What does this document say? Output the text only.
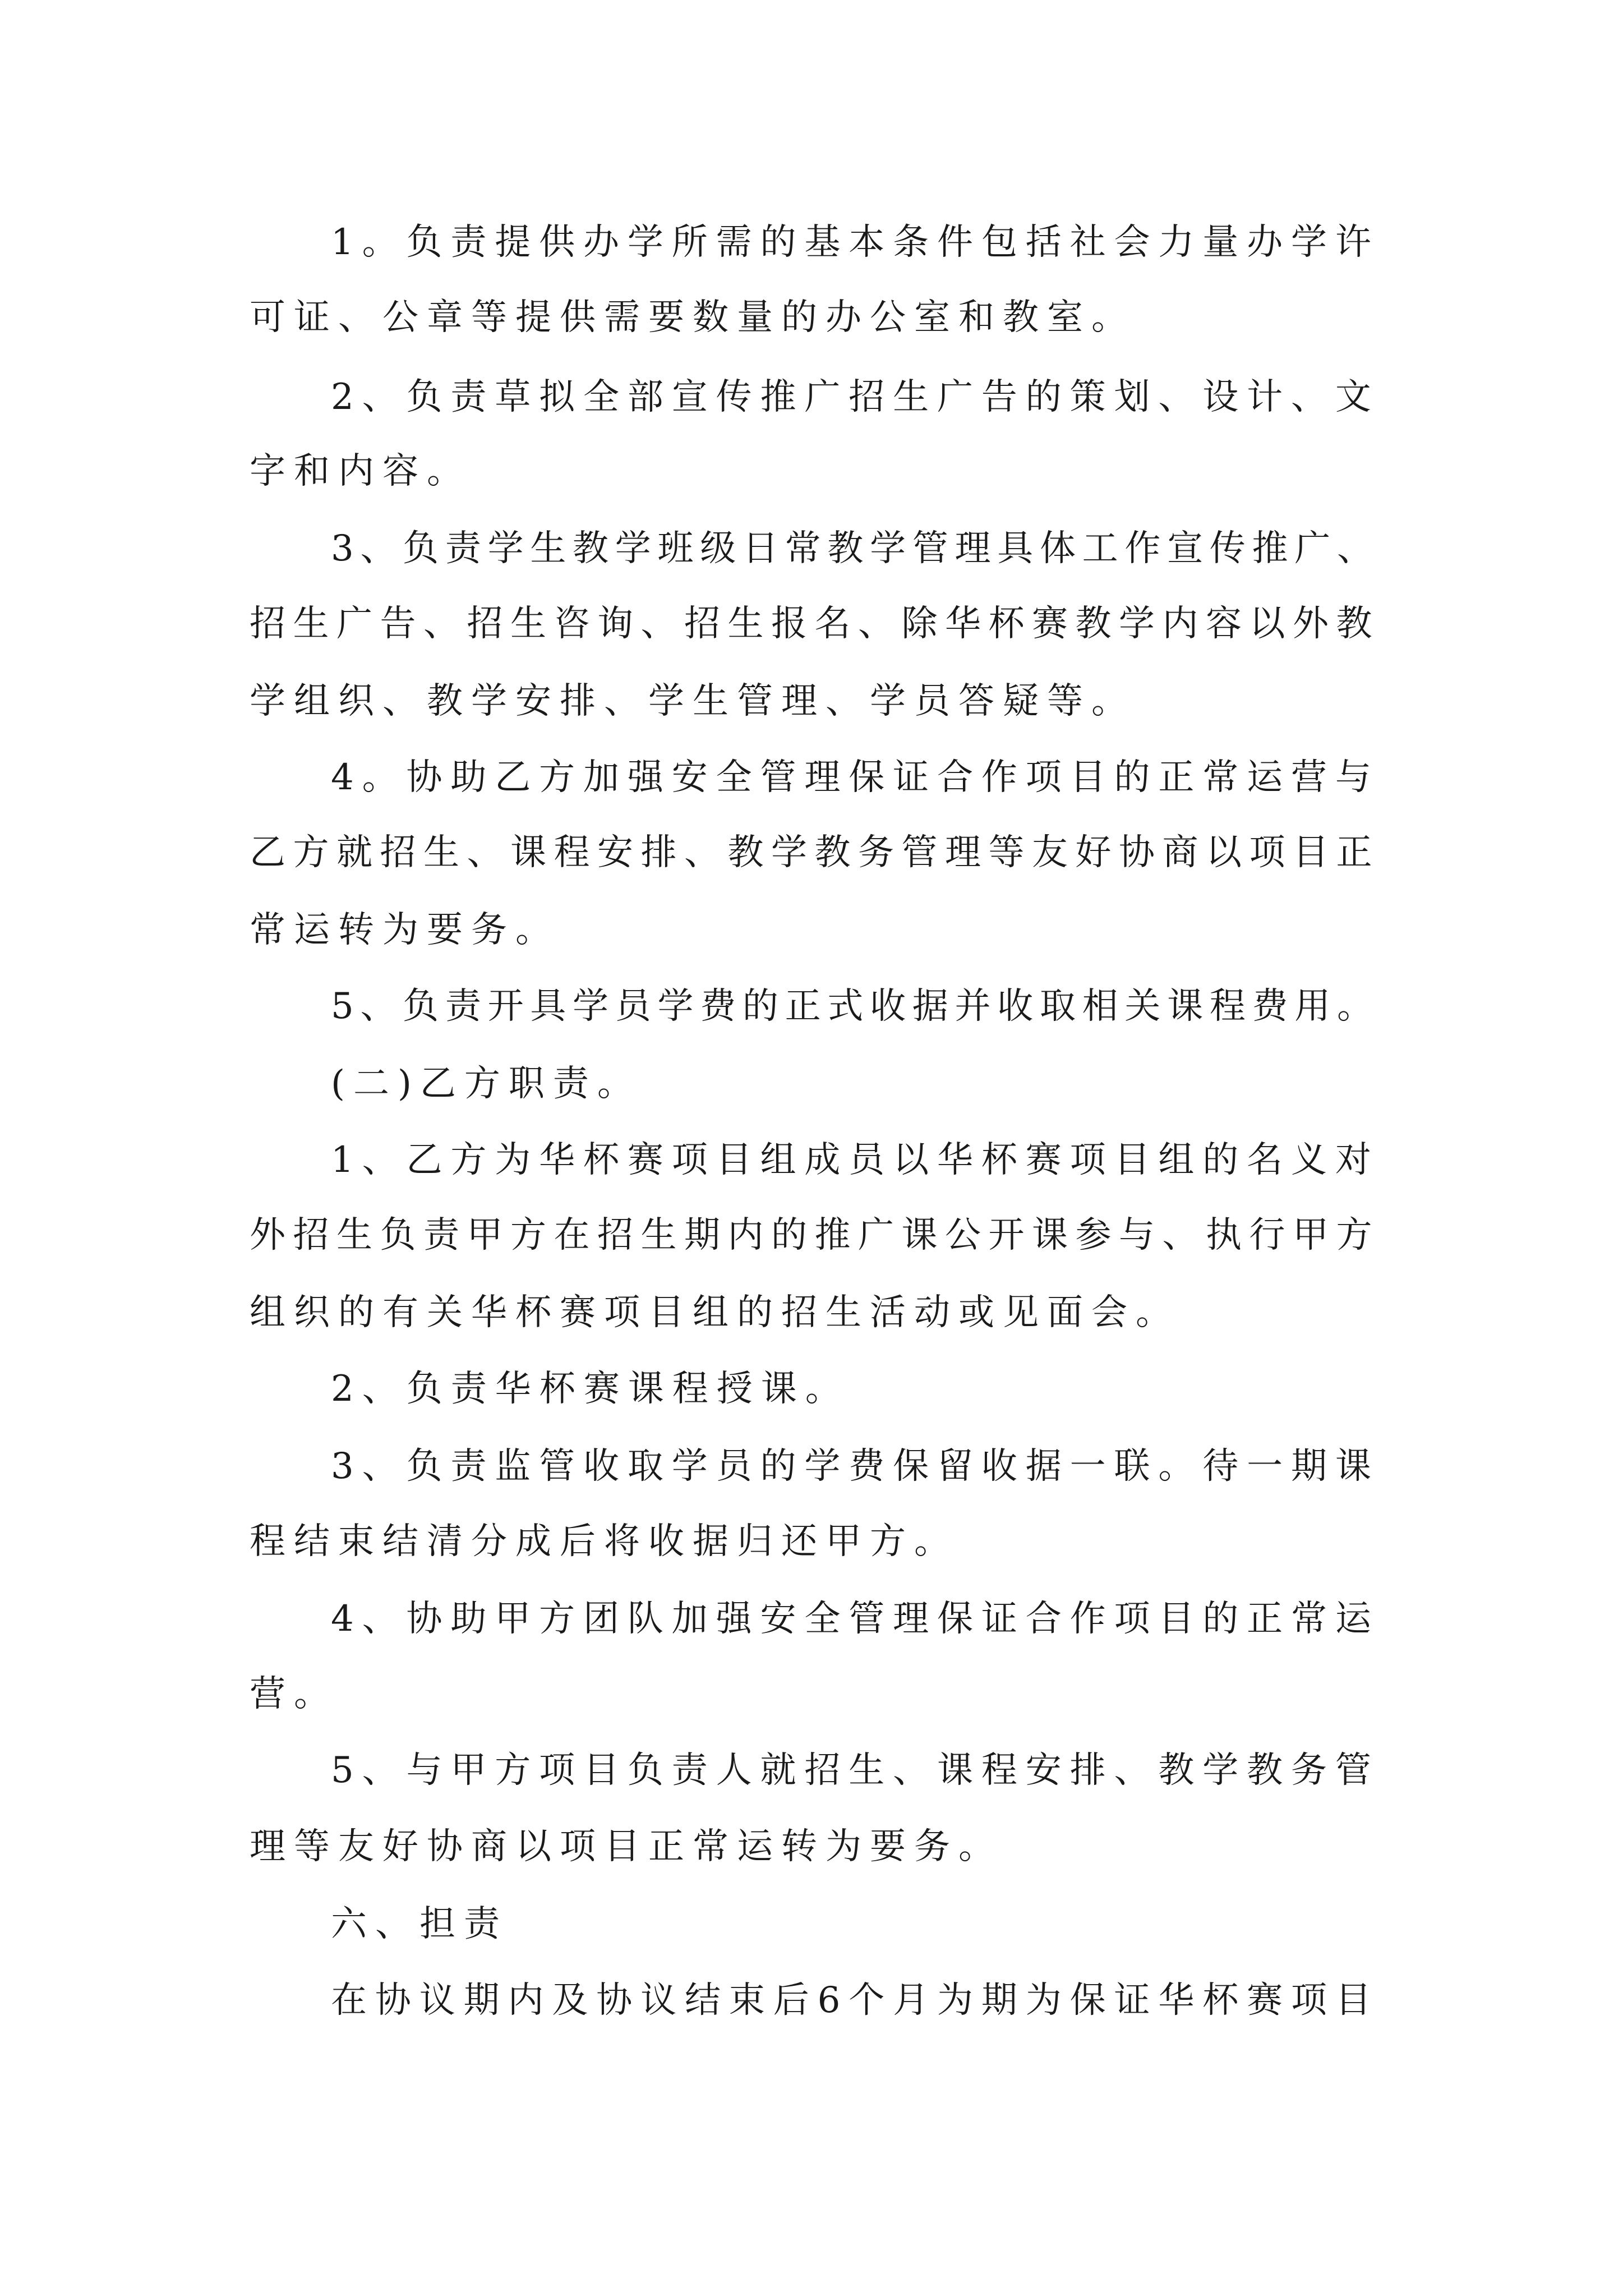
1。负责提供办学所需的基本条件包括社会力量办学许
可证、公章等提供需要数量的办公室和教室。
2、负责草拟全部宣传推广招生广告的策划、设计、文
字和内容。
3、负责学生教学班级日常教学管理具体工作宣传推广、
招生广告、招生咨询、招生报名、除华杯赛教学内容以外教
学组织、教学安排、学生管理、学员答疑等。
4。协助乙方加强安全管理保证合作项目的正常运营与
乙方就招生、课程安排、教学教务管理等友好协商以项目正
常运转为要务。
5、负责开具学员学费的正式收据并收取相关课程费用。
(二)乙方职责。
1、乙方为华杯赛项目组成员以华杯赛项目组的名义对
外招生负责甲方在招生期内的推广课公开课参与、执行甲方
组织的有关华杯赛项目组的招生活动或见面会。
2、负责华杯赛课程授课。
3、负责监管收取学员的学费保留收据一联。待一期课
程结束结清分成后将收据归还甲方。
4、协助甲方团队加强安全管理保证合作项目的正常运
营。
5、与甲方项目负责人就招生、课程安排、教学教务管
理等友好协商以项目正常运转为要务。
六、担责
在协议期内及协议结束后6个月为期为保证华杯赛项目
